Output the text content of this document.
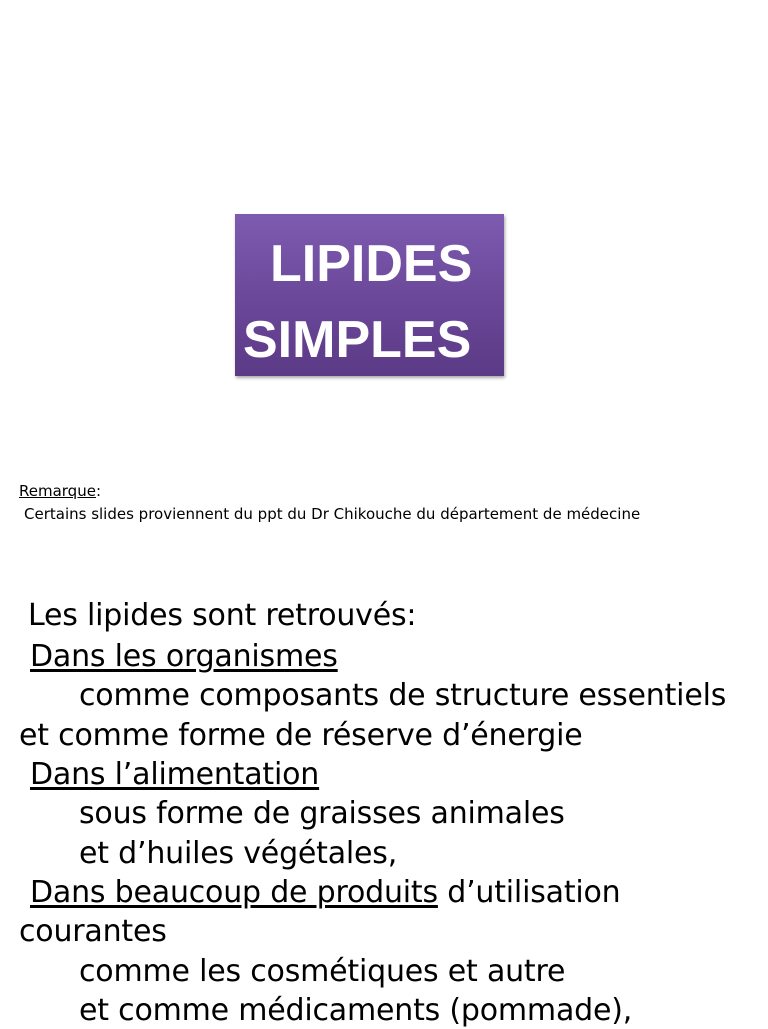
LIPIDES
SIMPLES
Remarque:
Certains slides proviennent du ppt du Dr Chikouche du département de médecine
Les lipides sont retrouvés:
Dans les organismes
comme composants de structure essentiels
et comme forme de réserve d’énergie
Dans l’alimentation
sous forme de graisses animales
et d’huiles végétales,
Dans beaucoup de produits d’utilisation
courantes
comme les cosmétiques et autre
et comme médicaments (pommade),
